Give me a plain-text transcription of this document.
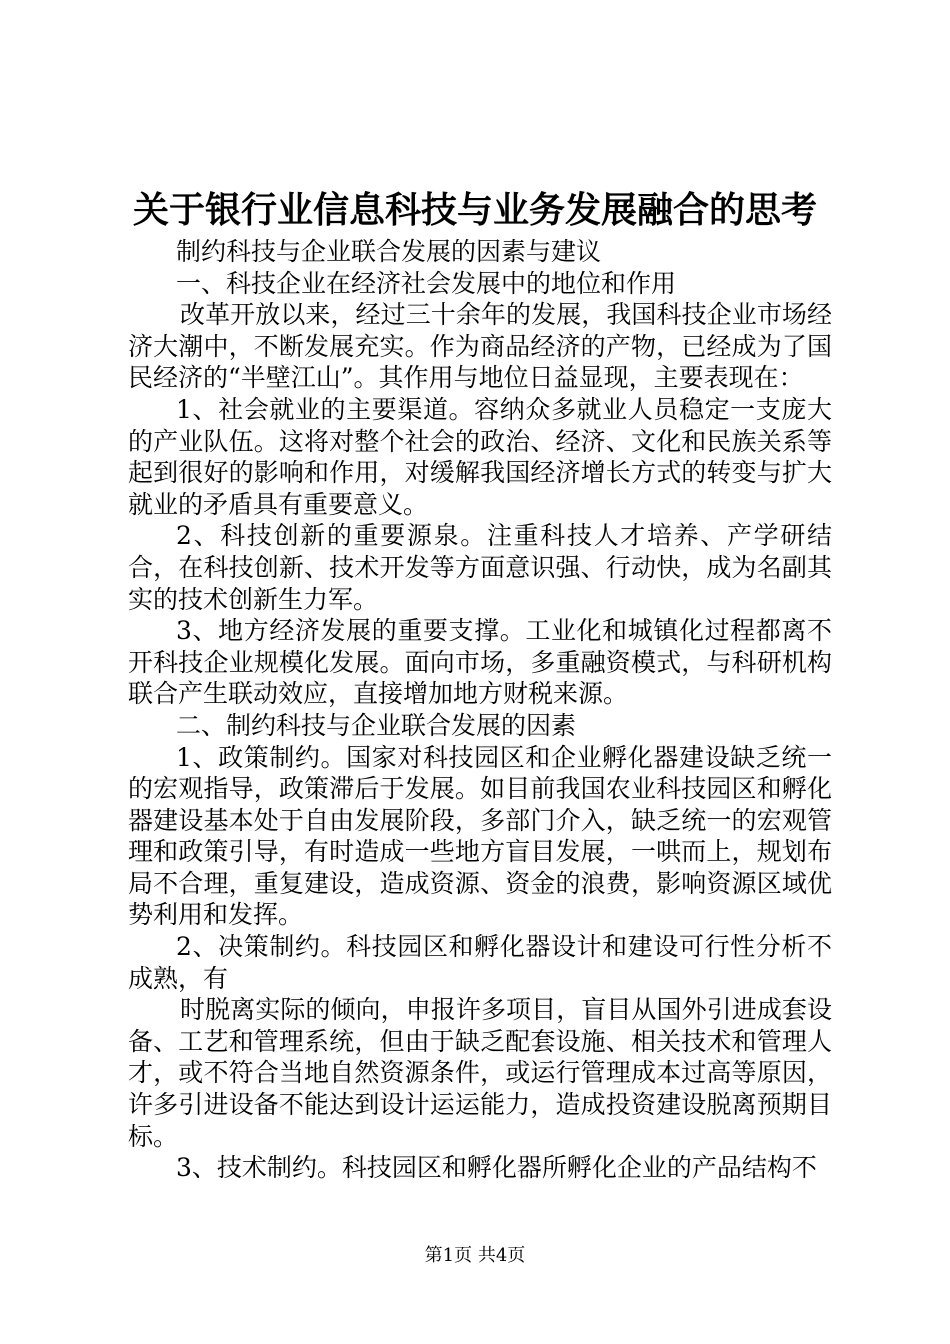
关于银行业信息科技与业务发展融合的思考

制约科技与企业联合发展的因素与建议

一、科技企业在经济社会发展中的地位和作用

改革开放以来，经过三十余年的发展，我国科技企业市场经济大潮中，不断发展充实。作为商品经济的产物，已经成为了国民经济的“半壁江山”。其作用与地位日益显现，主要表现在：

1、社会就业的主要渠道。容纳众多就业人员稳定一支庞大的产业队伍。这将对整个社会的政治、经济、文化和民族关系等起到很好的影响和作用，对缓解我国经济增长方式的转变与扩大就业的矛盾具有重要意义。

2、科技创新的重要源泉。注重科技人才培养、产学研结合，在科技创新、技术开发等方面意识强、行动快，成为名副其实的技术创新生力军。

3、地方经济发展的重要支撑。工业化和城镇化过程都离不开科技企业规模化发展。面向市场，多重融资模式，与科研机构联合产生联动效应，直接增加地方财税来源。

二、制约科技与企业联合发展的因素

1、政策制约。国家对科技园区和企业孵化器建设缺乏统一的宏观指导，政策滞后于发展。如目前我国农业科技园区和孵化器建设基本处于自由发展阶段，多部门介入，缺乏统一的宏观管理和政策引导，有时造成一些地方盲目发展，一哄而上，规划布局不合理，重复建设，造成资源、资金的浪费，影响资源区域优势利用和发挥。

2、决策制约。科技园区和孵化器设计和建设可行性分析不成熟，有

时脱离实际的倾向，申报许多项目，盲目从国外引进成套设备、工艺和管理系统，但由于缺乏配套设施、相关技术和管理人才，或不符合当地自然资源条件，或运行管理成本过高等原因，许多引进设备不能达到设计运运能力，造成投资建设脱离预期目标。

3、技术制约。科技园区和孵化器所孵化企业的产品结构不

第1页 共4页
